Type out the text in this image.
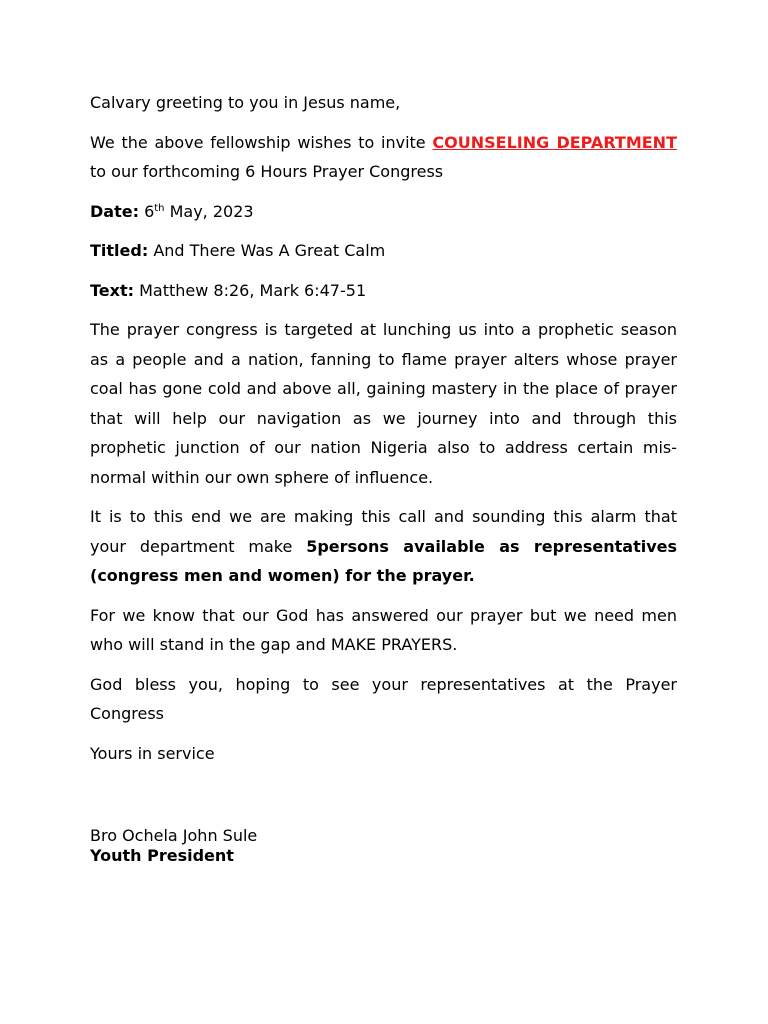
Calvary greeting to you in Jesus name,

We the above fellowship wishes to invite COUNSELING DEPARTMENT to our forthcoming 6 Hours Prayer Congress

Date: 6th May, 2023

Titled: And There Was A Great Calm

Text: Matthew 8:26, Mark 6:47-51

The prayer congress is targeted at lunching us into a prophetic season as a people and a nation, fanning to flame prayer alters whose prayer coal has gone cold and above all, gaining mastery in the place of prayer that will help our navigation as we journey into and through this prophetic junction of our nation Nigeria also to address certain mis-normal within our own sphere of influence.

It is to this end we are making this call and sounding this alarm that your department make 5persons available as representatives (congress men and women) for the prayer.

For we know that our God has answered our prayer but we need men who will stand in the gap and MAKE PRAYERS.

God bless you, hoping to see your representatives at the Prayer Congress

Yours in service

Bro Ochela John Sule
Youth President
